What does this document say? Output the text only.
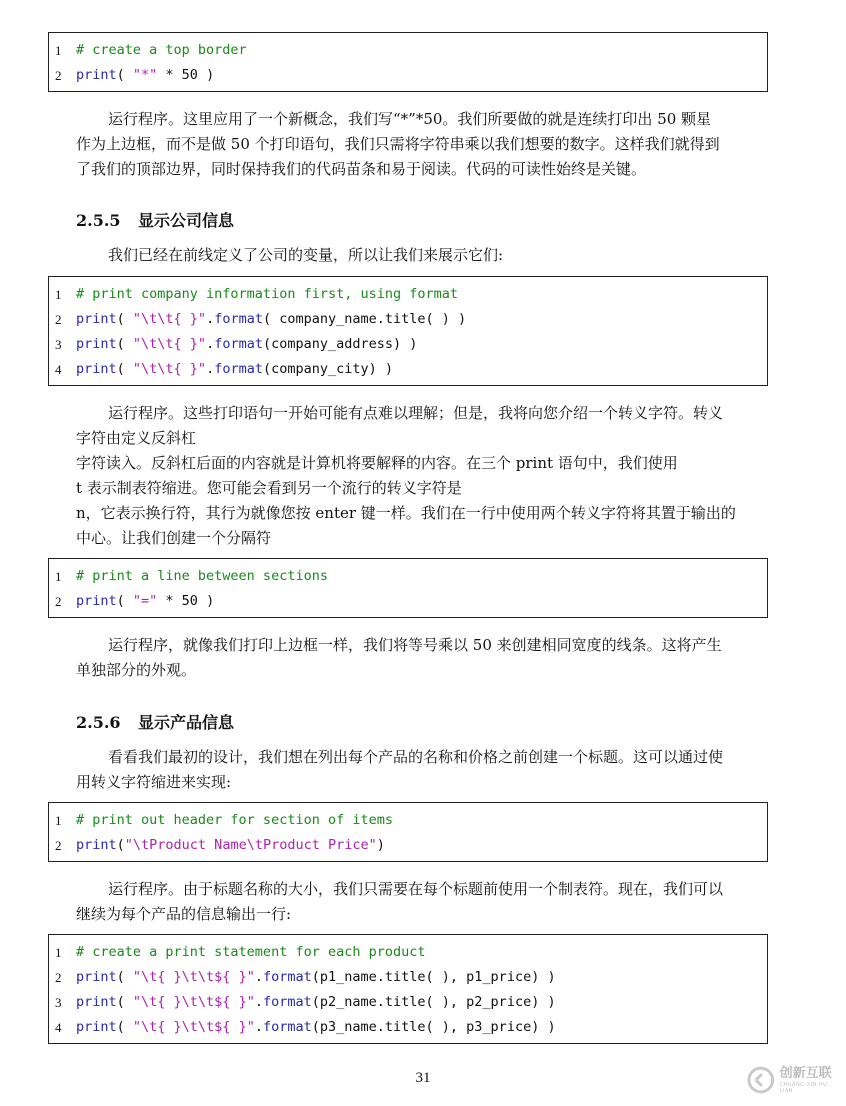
1	# create a top border
2	print( "*" * 50 )
运行程序。这里应用了一个新概念，我们写“*”*50。我们所要做的就是连续打印出 50 颗星
作为上边框，而不是做 50 个打印语句，我们只需将字符串乘以我们想要的数字。这样我们就得到
了我们的顶部边界，同时保持我们的代码苗条和易于阅读。代码的可读性始终是关键。
2.5.5 显示公司信息
我们已经在前线定义了公司的变量，所以让我们来展示它们:
1	# print company information first, using format
2	print( "\t\t{ }".format( company_name.title( ) )
3	print( "\t\t{ }".format(company_address) )
4	print( "\t\t{ }".format(company_city) )
运行程序。这些打印语句一开始可能有点难以理解；但是，我将向您介绍一个转义字符。转义
字符由定义反斜杠
字符读入。反斜杠后面的内容就是计算机将要解释的内容。在三个 print 语句中，我们使用
t 表示制表符缩进。您可能会看到另一个流行的转义字符是
n，它表示换行符，其行为就像您按 enter 键一样。我们在一行中使用两个转义字符将其置于输出的
中心。让我们创建一个分隔符
1	# print a line between sections
2	print( "=" * 50 )
运行程序，就像我们打印上边框一样，我们将等号乘以 50 来创建相同宽度的线条。这将产生
单独部分的外观。
2.5.6 显示产品信息
看看我们最初的设计，我们想在列出每个产品的名称和价格之前创建一个标题。这可以通过使
用转义字符缩进来实现:
1	# print out header for section of items
2	print("\tProduct Name\tProduct Price")
运行程序。由于标题名称的大小，我们只需要在每个标题前使用一个制表符。现在，我们可以
继续为每个产品的信息输出一行:
1	# create a print statement for each product
2	print( "\t{ }\t\t${ }".format(p1_name.title( ), p1_price) )
3	print( "\t{ }\t\t${ }".format(p2_name.title( ), p2_price) )
4	print( "\t{ }\t\t${ }".format(p3_name.title( ), p3_price) )
31	创新互联
CHUANG XIN HU LIAN
